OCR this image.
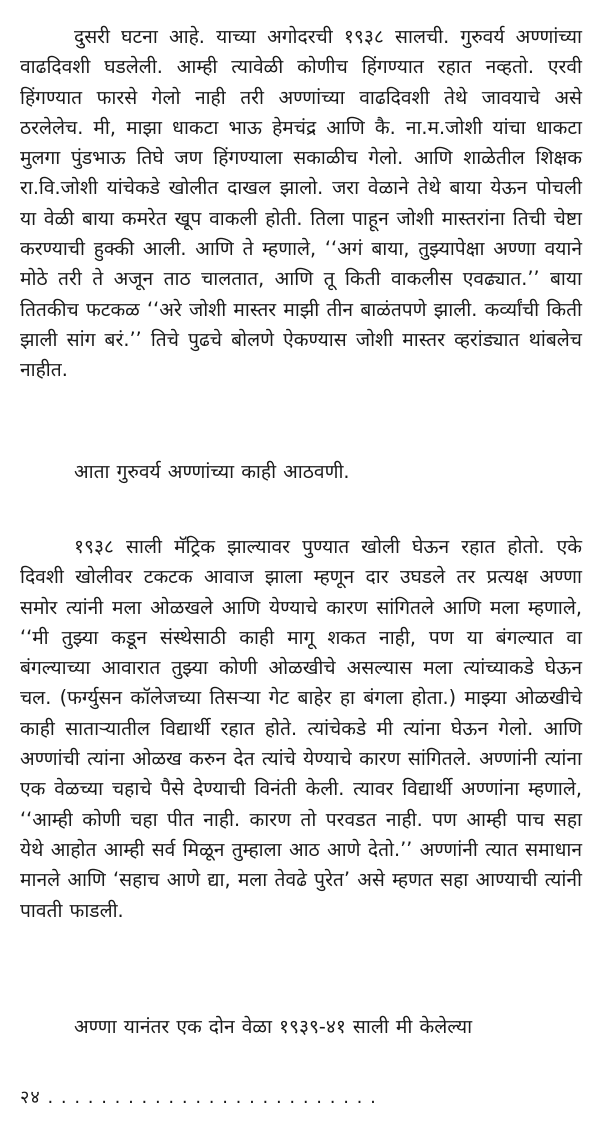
दुसरी घटना आहे. याच्या अगोदरची १९३८ सालची. गुरुवर्य अण्णांच्या वाढदिवशी घडलेली. आम्ही त्यावेळी कोणीच हिंगण्यात रहात नव्हतो. एरवी हिंगण्यात फारसे गेलो नाही तरी अण्णांच्या वाढदिवशी तेथे जावयाचे असे ठरलेलेच. मी, माझा धाकटा भाऊ हेमचंद्र आणि कै. ना.म.जोशी यांचा धाकटा मुलगा पुंडभाऊ तिघे जण हिंगण्याला सकाळीच गेलो. आणि शाळेतील शिक्षक रा.वि.जोशी यांचेकडे खोलीत दाखल झालो. जरा वेळाने तेथे बाया येऊन पोचली या वेळी बाया कमरेत खूप वाकली होती. तिला पाहून जोशी मास्तरांना तिची चेष्टा करण्याची हुक्की आली. आणि ते म्हणाले, ‘‘अगं बाया, तुझ्यापेक्षा अण्णा वयाने मोठे तरी ते अजून ताठ चालतात, आणि तू किती वाकलीस एवढ्यात.’’ बाया तितकीच फटकळ ‘‘अरे जोशी मास्तर माझी तीन बाळंतपणे झाली. कर्व्यांची किती झाली सांग बरं.’’ तिचे पुढचे बोलणे ऐकण्यास जोशी मास्तर व्हरांड्यात थांबलेच नाहीत.

आता गुरुवर्य अण्णांच्या काही आठवणी.

१९३८ साली मॅट्रिक झाल्यावर पुण्यात खोली घेऊन रहात होतो. एके दिवशी खोलीवर टकटक आवाज झाला म्हणून दार उघडले तर प्रत्यक्ष अण्णा समोर त्यांनी मला ओळखले आणि येण्याचे कारण सांगितले आणि मला म्हणाले, ‘‘मी तुझ्या कडून संस्थेसाठी काही मागू शकत नाही, पण या बंगल्यात वा बंगल्याच्या आवारात तुझ्या कोणी ओळखीचे असल्यास मला त्यांच्याकडे घेऊन चल. (फर्ग्युसन कॉलेजच्या तिसऱ्या गेट बाहेर हा बंगला होता.) माझ्या ओळखीचे काही साताऱ्यातील विद्यार्थी रहात होते. त्यांचेकडे मी त्यांना घेऊन गेलो. आणि अण्णांची त्यांना ओळख करुन देत त्यांचे येण्याचे कारण सांगितले. अण्णांनी त्यांना एक वेळच्या चहाचे पैसे देण्याची विनंती केली. त्यावर विद्यार्थी अण्णांना म्हणाले, ‘‘आम्ही कोणी चहा पीत नाही. कारण तो परवडत नाही. पण आम्ही पाच सहा येथे आहोत आम्ही सर्व मिळून तुम्हाला आठ आणे देतो.’’ अण्णांनी त्यात समाधान मानले आणि ‘सहाच आणे द्या, मला तेवढे पुरेत’ असे म्हणत सहा आण्याची त्यांनी पावती फाडली.

अण्णा यानंतर एक दोन वेळा १९३९-४१ साली मी केलेल्या

२४ . . . . . . . . . . . . . . . . . . . . . . . . .
